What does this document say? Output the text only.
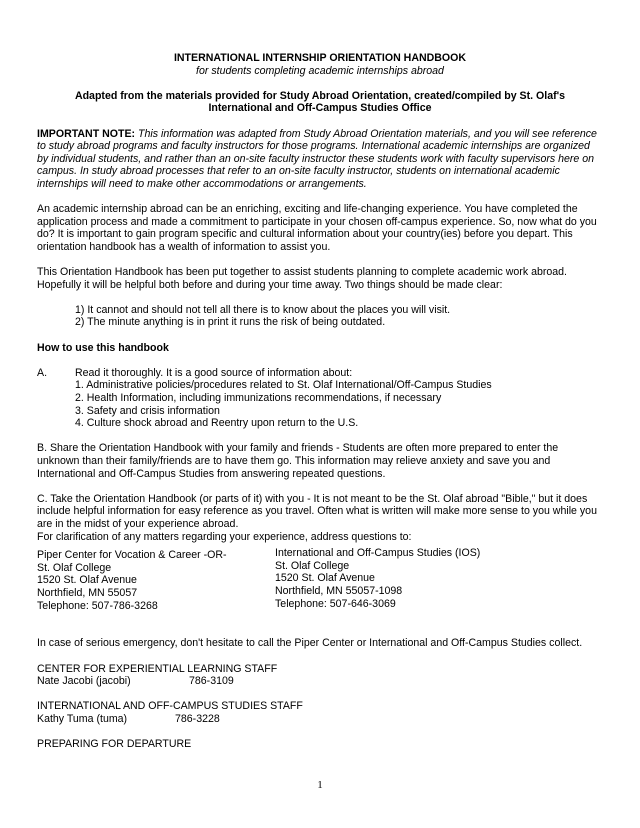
INTERNATIONAL INTERNSHIP ORIENTATION HANDBOOK

for students completing academic internships abroad

Adapted from the materials provided for Study Abroad Orientation, created/compiled by St. Olaf's

International and Off-Campus Studies Office

IMPORTANT NOTE: This information was adapted from Study Abroad Orientation materials, and you will see reference to study abroad programs and faculty instructors for those programs. International academic internships are organized by individual students, and rather than an on-site faculty instructor these students work with faculty supervisors here on campus. In study abroad processes that refer to an on-site faculty instructor, students on international academic internships will need to make other accommodations or arrangements.

An academic internship abroad can be an enriching, exciting and life-changing experience. You have completed the application process and made a commitment to participate in your chosen off-campus experience. So, now what do you do? It is important to gain program specific and cultural information about your country(ies) before you depart. This orientation handbook has a wealth of information to assist you.

This Orientation Handbook has been put together to assist students planning to complete academic work abroad. Hopefully it will be helpful both before and during your time away. Two things should be made clear:

1) It cannot and should not tell all there is to know about the places you will visit.

2) The minute anything is in print it runs the risk of being outdated.

How to use this handbook

A.	Read it thoroughly. It is a good source of information about:

1. Administrative policies/procedures related to St. Olaf International/Off-Campus Studies

2. Health Information, including immunizations recommendations, if necessary

3. Safety and crisis information

4. Culture shock abroad and Reentry upon return to the U.S.

B. Share the Orientation Handbook with your family and friends - Students are often more prepared to enter the unknown than their family/friends are to have them go. This information may relieve anxiety and save you and International and Off-Campus Studies from answering repeated questions.

C. Take the Orientation Handbook (or parts of it) with you - It is not meant to be the St. Olaf abroad "Bible," but it does include helpful information for easy reference as you travel. Often what is written will make more sense to you while you are in the midst of your experience abroad.

For clarification of any matters regarding your experience, address questions to:

Piper Center for Vocation & Career -OR-

St. Olaf College

1520 St. Olaf Avenue

Northfield, MN 55057

Telephone: 507-786-3268

International and Off-Campus Studies (IOS)

St. Olaf College

1520 St. Olaf Avenue

Northfield, MN 55057-1098

Telephone: 507-646-3069

In case of serious emergency, don't hesitate to call the Piper Center or International and Off-Campus Studies collect.

CENTER FOR EXPERIENTIAL LEARNING STAFF

Nate Jacobi (jacobi)	786-3109

INTERNATIONAL AND OFF-CAMPUS STUDIES STAFF

Kathy Tuma (tuma)	786-3228

PREPARING FOR DEPARTURE

1
